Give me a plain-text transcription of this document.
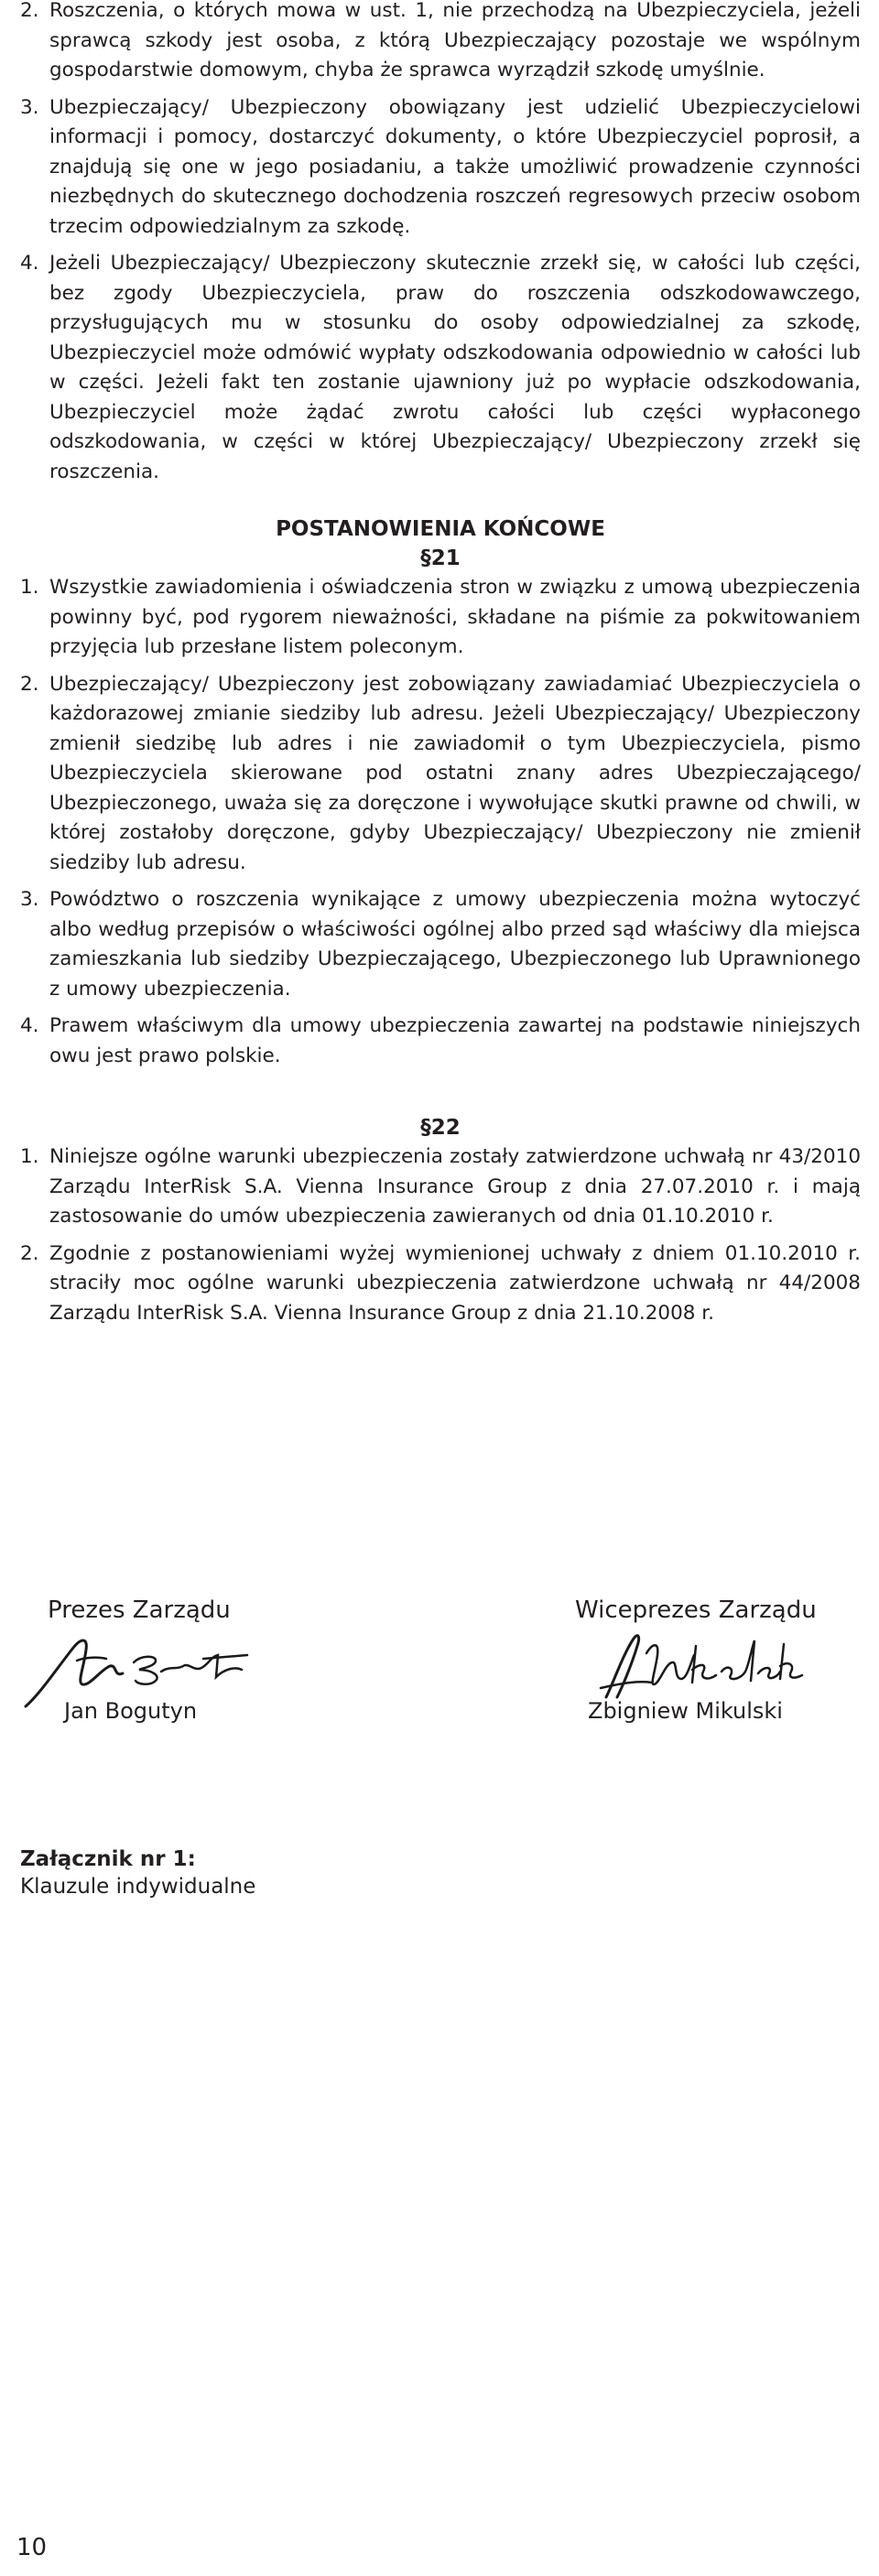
2. Roszczenia, o których mowa w ust. 1, nie przechodzą na Ubezpieczyciela, jeżeli sprawcą szkody jest osoba, z którą Ubezpieczający pozostaje we wspólnym gospodarstwie domowym, chyba że sprawca wyrządził szkodę umyślnie.

3. Ubezpieczający/ Ubezpieczony obowiązany jest udzielić Ubezpieczycielowi informacji i pomocy, dostarczyć dokumenty, o które Ubezpieczyciel poprosił, a znajdują się one w jego posiadaniu, a także umożliwić prowadzenie czynności niezbędnych do skutecznego dochodzenia roszczeń regresowych przeciw osobom trzecim odpowiedzialnym za szkodę.

4. Jeżeli Ubezpieczający/ Ubezpieczony skutecznie zrzekł się, w całości lub części, bez zgody Ubezpieczyciela, praw do roszczenia odszkodowawczego, przysługujących mu w stosunku do osoby odpowiedzialnej za szkodę, Ubezpieczyciel może odmówić wypłaty odszkodowania odpowiednio w całości lub w części. Jeżeli fakt ten zostanie ujawniony już po wypłacie odszkodowania, Ubezpieczyciel może żądać zwrotu całości lub części wypłaconego odszkodowania, w części w której Ubezpieczający/ Ubezpieczony zrzekł się roszczenia.

POSTANOWIENIA KOŃCOWE

§21

1. Wszystkie zawiadomienia i oświadczenia stron w związku z umową ubezpieczenia powinny być, pod rygorem nieważności, składane na piśmie za pokwitowaniem przyjęcia lub przesłane listem poleconym.

2. Ubezpieczający/ Ubezpieczony jest zobowiązany zawiadamiać Ubezpieczyciela o każdorazowej zmianie siedziby lub adresu. Jeżeli Ubezpieczający/ Ubezpieczony zmienił siedzibę lub adres i nie zawiadomił o tym Ubezpieczyciela, pismo Ubezpieczyciela skierowane pod ostatni znany adres Ubezpieczającego/ Ubezpieczonego, uważa się za doręczone i wywołujące skutki prawne od chwili, w której zostałoby doręczone, gdyby Ubezpieczający/ Ubezpieczony nie zmienił siedziby lub adresu.

3. Powództwo o roszczenia wynikające z umowy ubezpieczenia można wytoczyć albo według przepisów o właściwości ogólnej albo przed sąd właściwy dla miejsca zamieszkania lub siedziby Ubezpieczającego, Ubezpieczonego lub Uprawnionego z umowy ubezpieczenia.

4. Prawem właściwym dla umowy ubezpieczenia zawartej na podstawie niniejszych owu jest prawo polskie.

§22

1. Niniejsze ogólne warunki ubezpieczenia zostały zatwierdzone uchwałą nr 43/2010 Zarządu InterRisk S.A. Vienna Insurance Group z dnia 27.07.2010 r. i mają zastosowanie do umów ubezpieczenia zawieranych od dnia 01.10.2010 r.

2. Zgodnie z postanowieniami wyżej wymienionej uchwały z dniem 01.10.2010 r. straciły moc ogólne warunki ubezpieczenia zatwierdzone uchwałą nr 44/2008 Zarządu InterRisk S.A. Vienna Insurance Group z dnia 21.10.2008 r.

Prezes Zarządu
Jan Bogutyn
Wiceprezes Zarządu
Zbigniew Mikulski
Załącznik nr 1:
Klauzule indywidualne
10
